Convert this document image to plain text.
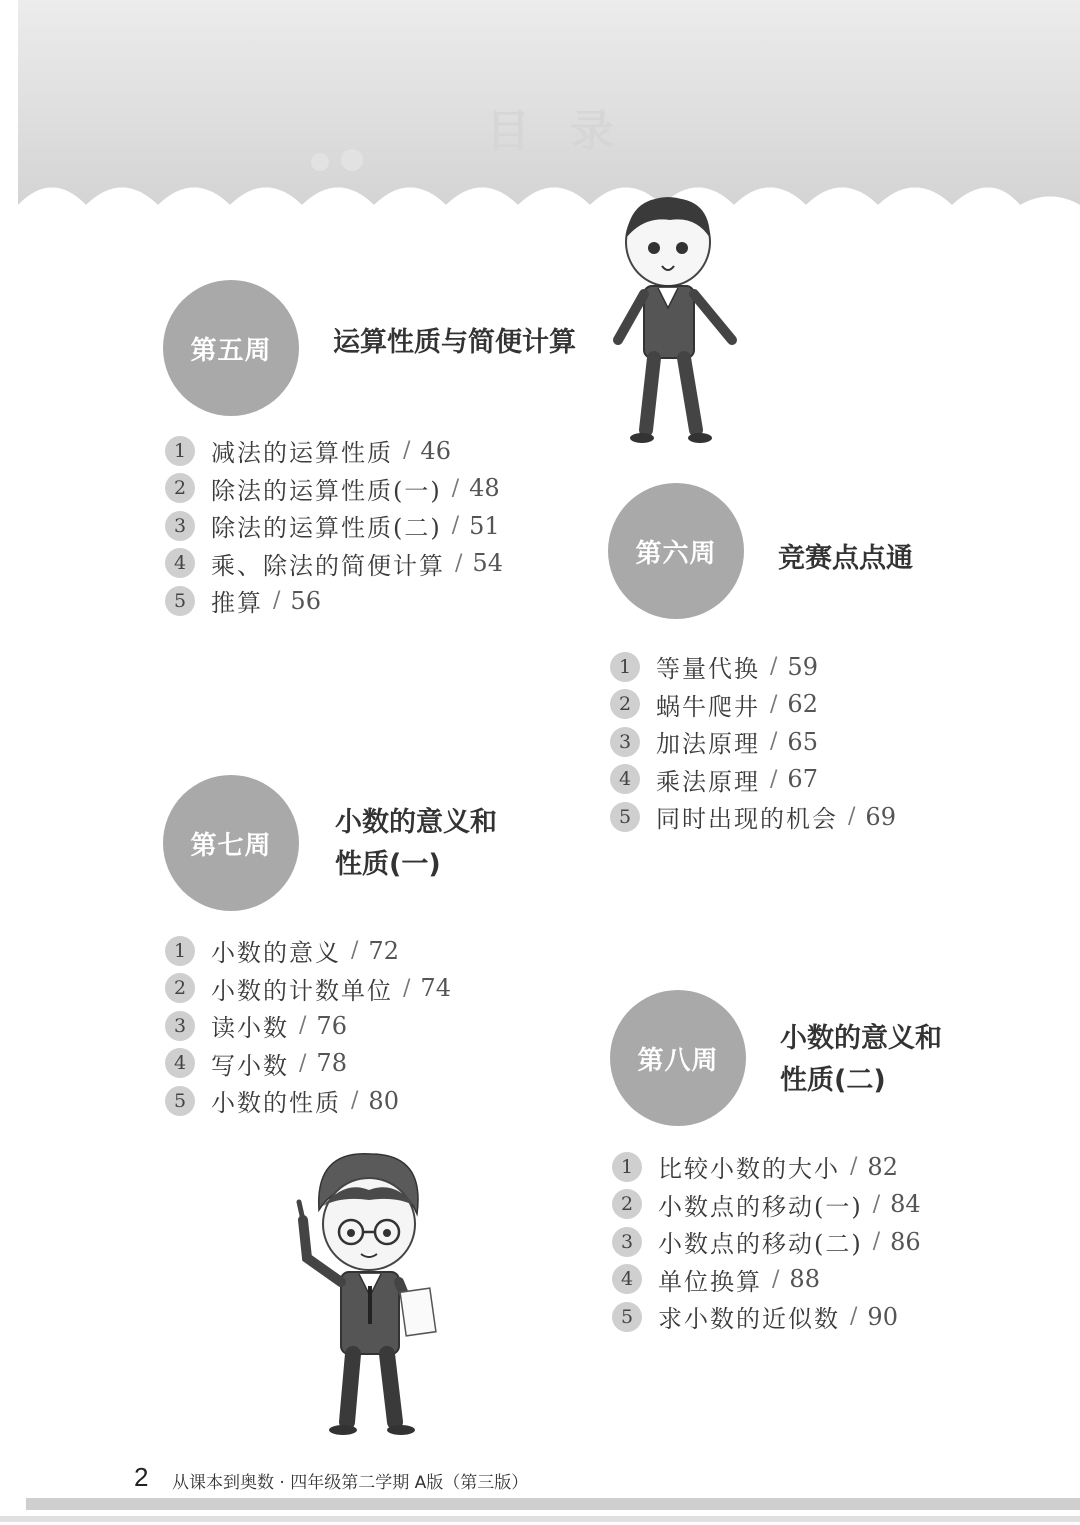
目录
第五周 运算性质与简便计算
1	减法的运算性质 / 46
2	除法的运算性质(一) / 48
3	除法的运算性质(二) / 51
4	乘、除法的简便计算 / 54
5	推算 / 56
第六周 竞赛点点通
1	等量代换 / 59
2	蜗牛爬井 / 62
3	加法原理 / 65
4	乘法原理 / 67
5	同时出现的机会 / 69
第七周
小数的意义和
性质(一)
1	小数的意义 / 72
2	小数的计数单位 / 74
3	读小数 / 76
4	写小数 / 78
5	小数的性质 / 80
第八周
小数的意义和
性质(二)
1	比较小数的大小 / 82
2	小数点的移动(一) / 84
3	小数点的移动(二) / 86
4	单位换算 / 88
5	求小数的近似数 / 90
2 从课本到奥数 · 四年级第二学期 A版（第三版）
